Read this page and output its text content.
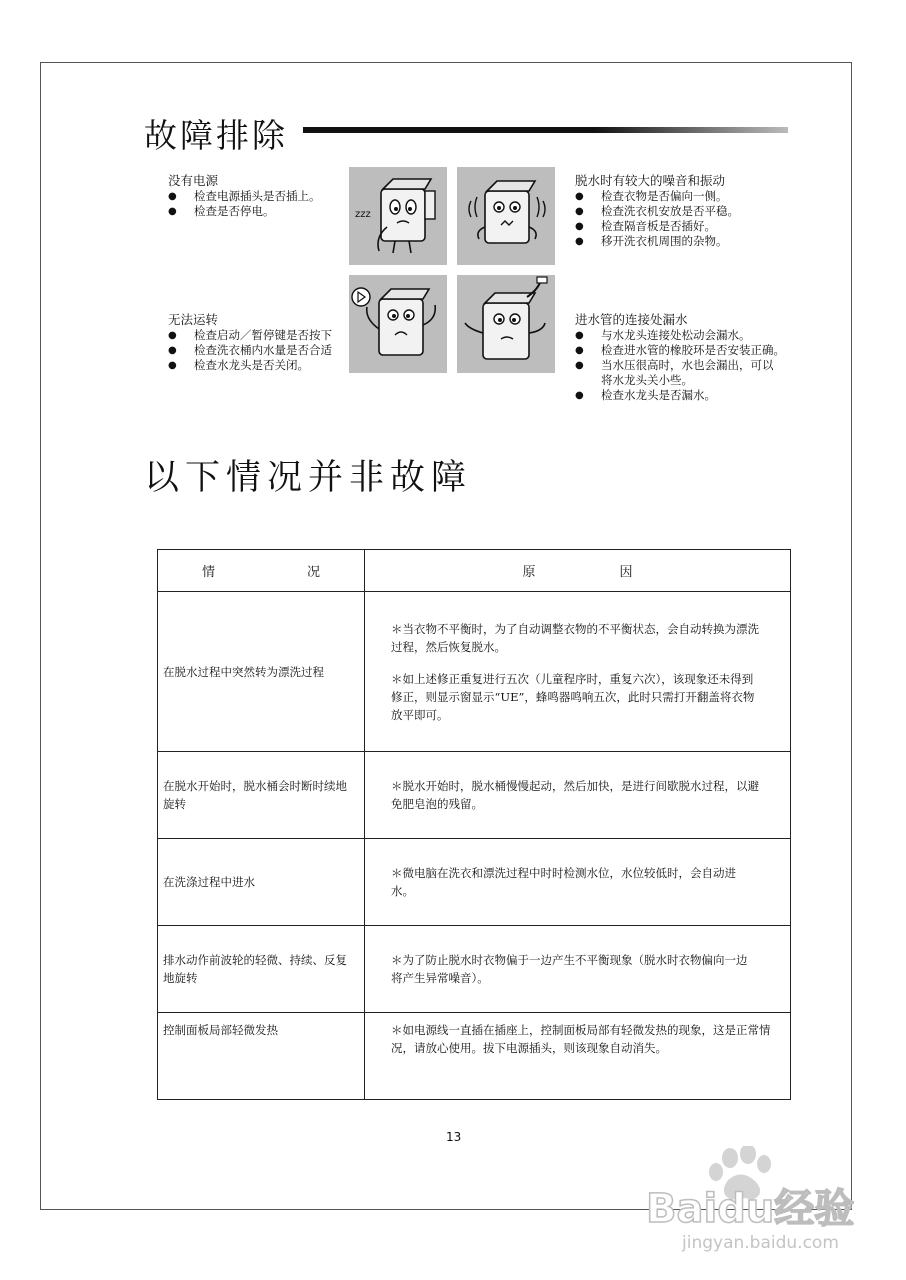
故障排除
没有电源
● 检查电源插头是否插上。
● 检查是否停电。
脱水时有较大的噪音和振动
● 检查衣物是否偏向一侧。
● 检查洗衣机安放是否平稳。
● 检查隔音板是否插好。
● 移开洗衣机周围的杂物。
无法运转
● 检查启动／暂停键是否按下
● 检查洗衣桶内水量是否合适
● 检查水龙头是否关闭。
进水管的连接处漏水
● 与水龙头连接处松动会漏水。
● 检查进水管的橡胶环是否安装正确。
● 当水压很高时，水也会漏出，可以
将水龙头关小些。
● 检查水龙头是否漏水。
zzz
以下情况并非故障
情　　　　　况	原　　　　因
在脱水过程中突然转为漂洗过程	＊当衣物不平衡时，为了自动调整衣物的不平衡状态，会自动转换为漂洗过程，然后恢复脱水。

＊如上述修正重复进行五次（儿童程序时，重复六次），该现象还未得到修正，则显示窗显示“UE”，蜂鸣器鸣响五次，此时只需打开翻盖将衣物放平即可。

在脱水开始时，脱水桶会时断时续地旋转	＊脱水开始时，脱水桶慢慢起动，然后加快，是进行间歇脱水过程，以避免肥皂泡的残留。

在洗涤过程中进水	＊微电脑在洗衣和漂洗过程中时时检测水位，水位较低时，会自动进水。

排水动作前波轮的轻微、持续、反复地旋转	＊为了防止脱水时衣物偏于一边产生不平衡现象（脱水时衣物偏向一边将产生异常噪音）。

控制面板局部轻微发热	＊如电源线一直插在插座上，控制面板局部有轻微发热的现象，这是正常情况，请放心使用。拔下电源插头，则该现象自动消失。

13
Baidu经验
jingyan.baidu.com
